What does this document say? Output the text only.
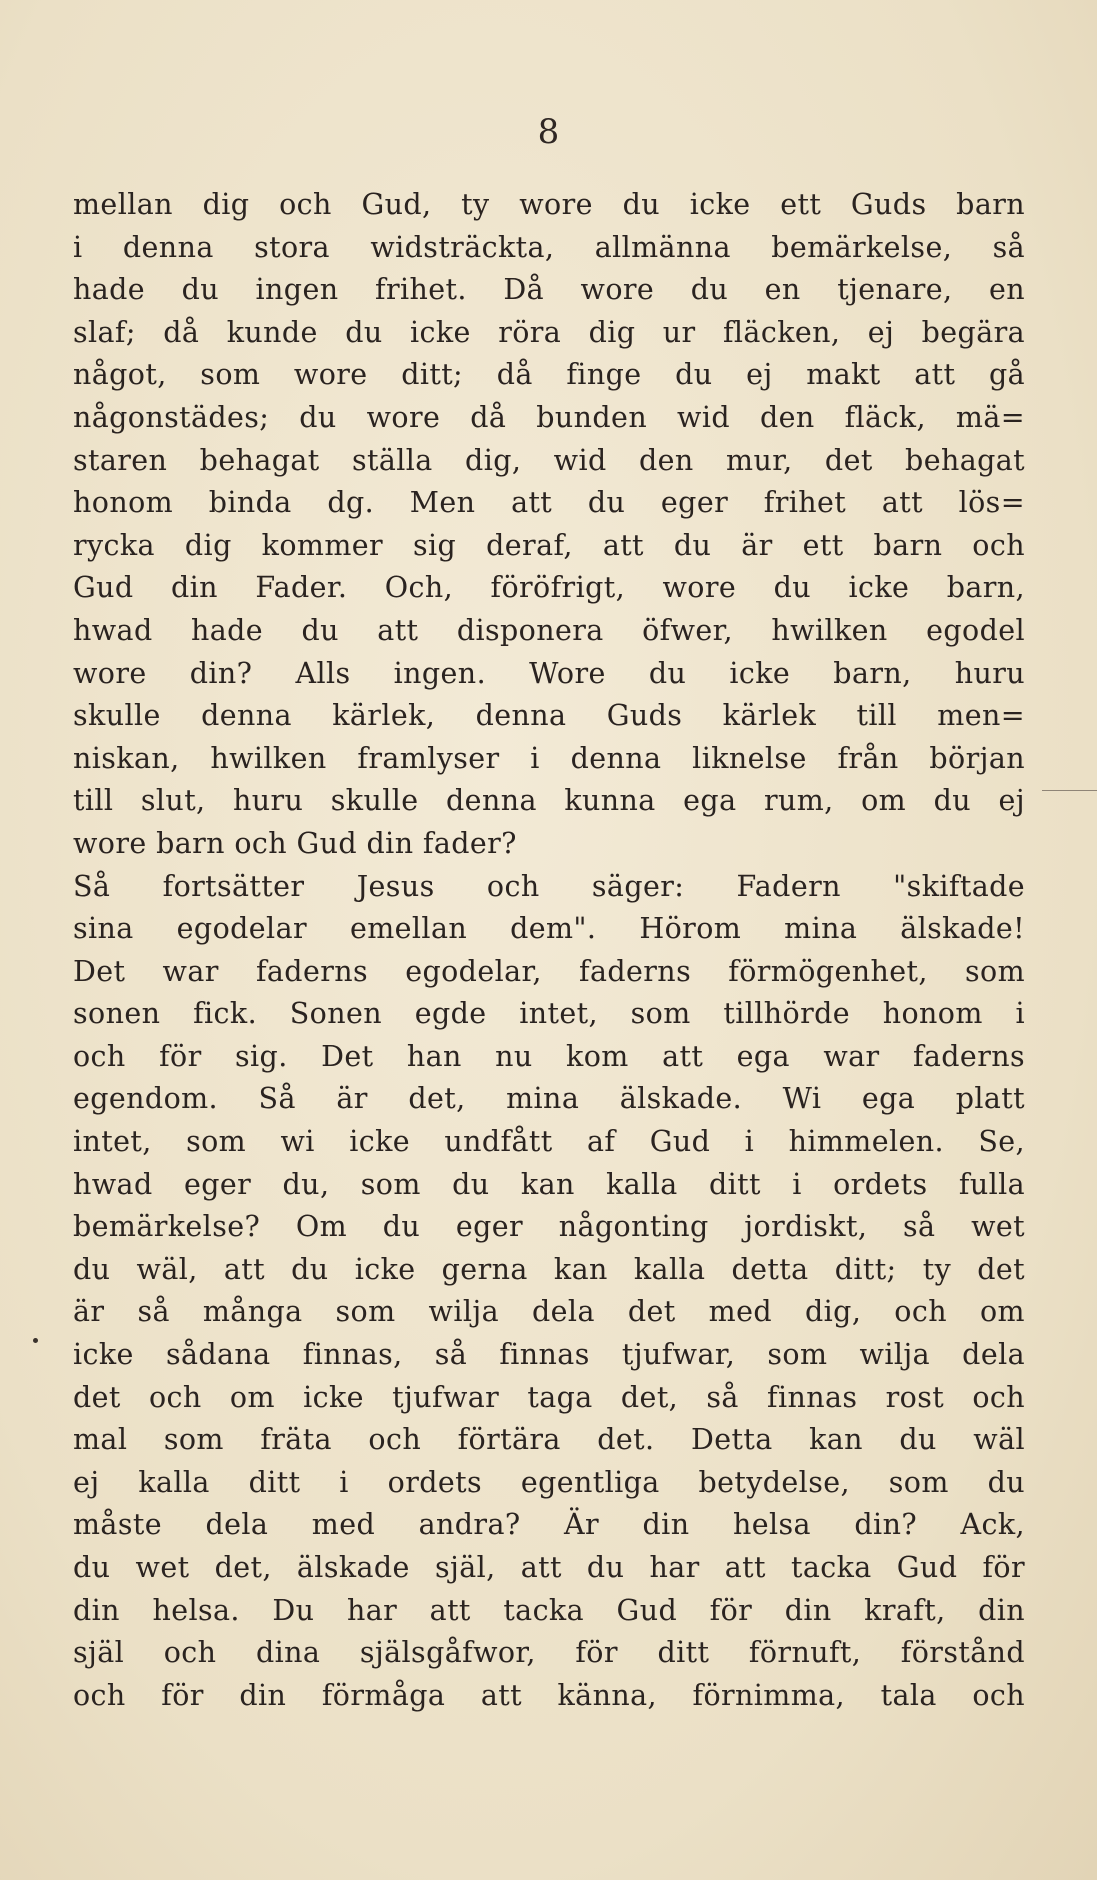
8
mellan dig och Gud, ty wore du icke ett Guds barn
i denna stora widsträckta, allmänna bemärkelse, så
hade du ingen frihet. Då wore du en tjenare, en
slaf; då kunde du icke röra dig ur fläcken, ej begära
något, som wore ditt; då finge du ej makt att gå
någonstädes; du wore då bunden wid den fläck, mä=
staren behagat ställa dig, wid den mur, det behagat
honom binda dg. Men att du eger frihet att lös=
rycka dig kommer sig deraf, att du är ett barn och
Gud din Fader. Och, föröfrigt, wore du icke barn,
hwad hade du att disponera öfwer, hwilken egodel
wore din? Alls ingen. Wore du icke barn, huru
skulle denna kärlek, denna Guds kärlek till men=
niskan, hwilken framlyser i denna liknelse från början
till slut, huru skulle denna kunna ega rum, om du ej
wore barn och Gud din fader?
Så fortsätter Jesus och säger: Fadern "skiftade
sina egodelar emellan dem". Hörom mina älskade!
Det war faderns egodelar, faderns förmögenhet, som
sonen fick. Sonen egde intet, som tillhörde honom i
och för sig. Det han nu kom att ega war faderns
egendom. Så är det, mina älskade. Wi ega platt
intet, som wi icke undfått af Gud i himmelen. Se,
hwad eger du, som du kan kalla ditt i ordets fulla
bemärkelse? Om du eger någonting jordiskt, så wet
du wäl, att du icke gerna kan kalla detta ditt; ty det
är så många som wilja dela det med dig, och om
icke sådana finnas, så finnas tjufwar, som wilja dela
det och om icke tjufwar taga det, så finnas rost och
mal som fräta och förtära det. Detta kan du wäl
ej kalla ditt i ordets egentliga betydelse, som du
måste dela med andra? Är din helsa din? Ack,
du wet det, älskade själ, att du har att tacka Gud för
din helsa. Du har att tacka Gud för din kraft, din
själ och dina själsgåfwor, för ditt förnuft, förstånd
och för din förmåga att känna, förnimma, tala och
